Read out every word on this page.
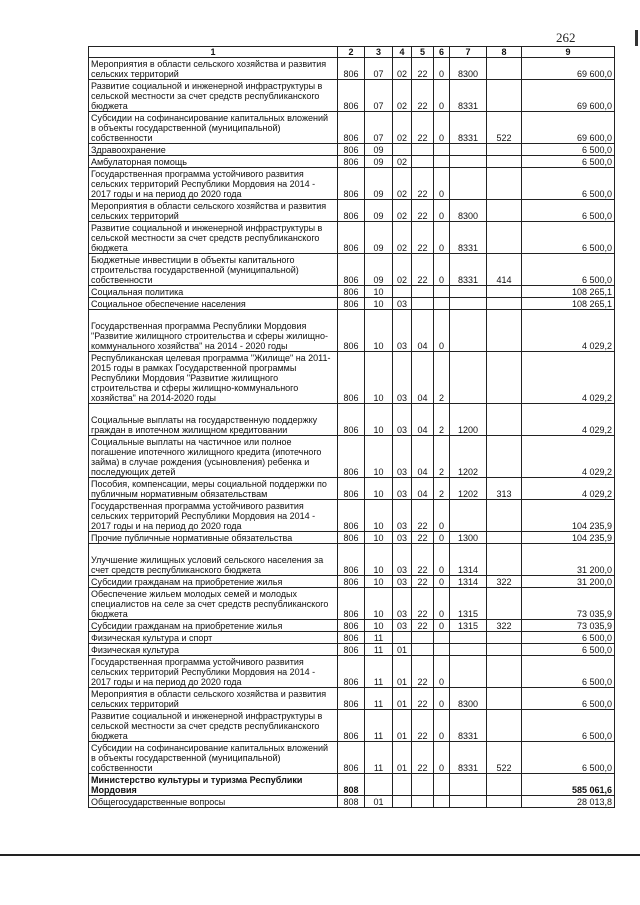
262
1	2	3	4	5	6	7	8	9
Мероприятия в области сельского хозяйства и развития сельских территорий	806	07	02	22	0	8300		69 600,0
Развитие социальной и инженерной инфраструктуры в сельской местности за счет средств республиканского бюджета	806	07	02	22	0	8331		69 600,0
Субсидии на софинансирование капитальных вложений в объекты государственной (муниципальной) собственности	806	07	02	22	0	8331	522	69 600,0
Здравоохранение	806	09						6 500,0
Амбулаторная помощь	806	09	02					6 500,0
Государственная программа устойчивого развития сельских территорий Республики Мордовия на 2014 - 2017 годы и на период до 2020 года	806	09	02	22	0			6 500,0
Мероприятия в области сельского хозяйства и развития сельских территорий	806	09	02	22	0	8300		6 500,0
Развитие социальной и инженерной инфраструктуры в сельской местности за счет средств республиканского бюджета	806	09	02	22	0	8331		6 500,0
Бюджетные инвестиции в объекты капитального строительства государственной (муниципальной) собственности	806	09	02	22	0	8331	414	6 500,0
Социальная политика	806	10						108 265,1
Социальное обеспечение населения	806	10	03					108 265,1
Государственная программа Республики Мордовия "Развитие жилищного строительства и сферы жилищно-коммунального хозяйства" на 2014 - 2020 годы	806	10	03	04	0			4 029,2
Республиканская целевая программа "Жилище" на 2011-2015 годы в рамках Государственной программы Республики Мордовия "Развитие жилищного строительства и сферы жилищно-коммунального хозяйства" на 2014-2020 годы	806	10	03	04	2			4 029,2
Социальные выплаты на государственную поддержку граждан в ипотечном жилищном кредитовании	806	10	03	04	2	1200		4 029,2
Социальные выплаты на частичное или полное погашение ипотечного жилищного кредита (ипотечного займа) в случае рождения (усыновления) ребенка и последующих детей	806	10	03	04	2	1202		4 029,2
Пособия, компенсации, меры социальной поддержки по публичным нормативным обязательствам	806	10	03	04	2	1202	313	4 029,2
Государственная программа устойчивого развития сельских территорий Республики Мордовия на 2014 - 2017 годы и на период до 2020 года	806	10	03	22	0			104 235,9
Прочие публичные нормативные обязательства	806	10	03	22	0	1300		104 235,9
Улучшение жилищных условий сельского населения за счет средств республиканского бюджета	806	10	03	22	0	1314		31 200,0
Субсидии гражданам на приобретение жилья	806	10	03	22	0	1314	322	31 200,0
Обеспечение жильем молодых семей и молодых специалистов на селе за счет средств республиканского бюджета	806	10	03	22	0	1315		73 035,9
Субсидии гражданам на приобретение жилья	806	10	03	22	0	1315	322	73 035,9
Физическая культура и спорт	806	11						6 500,0
Физическая культура	806	11	01					6 500,0
Государственная программа устойчивого развития сельских территорий Республики Мордовия на 2014 - 2017 годы и на период до 2020 года	806	11	01	22	0			6 500,0
Мероприятия в области сельского хозяйства и развития сельских территорий	806	11	01	22	0	8300		6 500,0
Развитие социальной и инженерной инфраструктуры в сельской местности за счет средств республиканского бюджета	806	11	01	22	0	8331		6 500,0
Субсидии на софинансирование капитальных вложений в объекты государственной (муниципальной) собственности	806	11	01	22	0	8331	522	6 500,0
Министерство культуры и туризма Республики Мордовия	808							585 061,6
Общегосударственные вопросы	808	01						28 013,8
